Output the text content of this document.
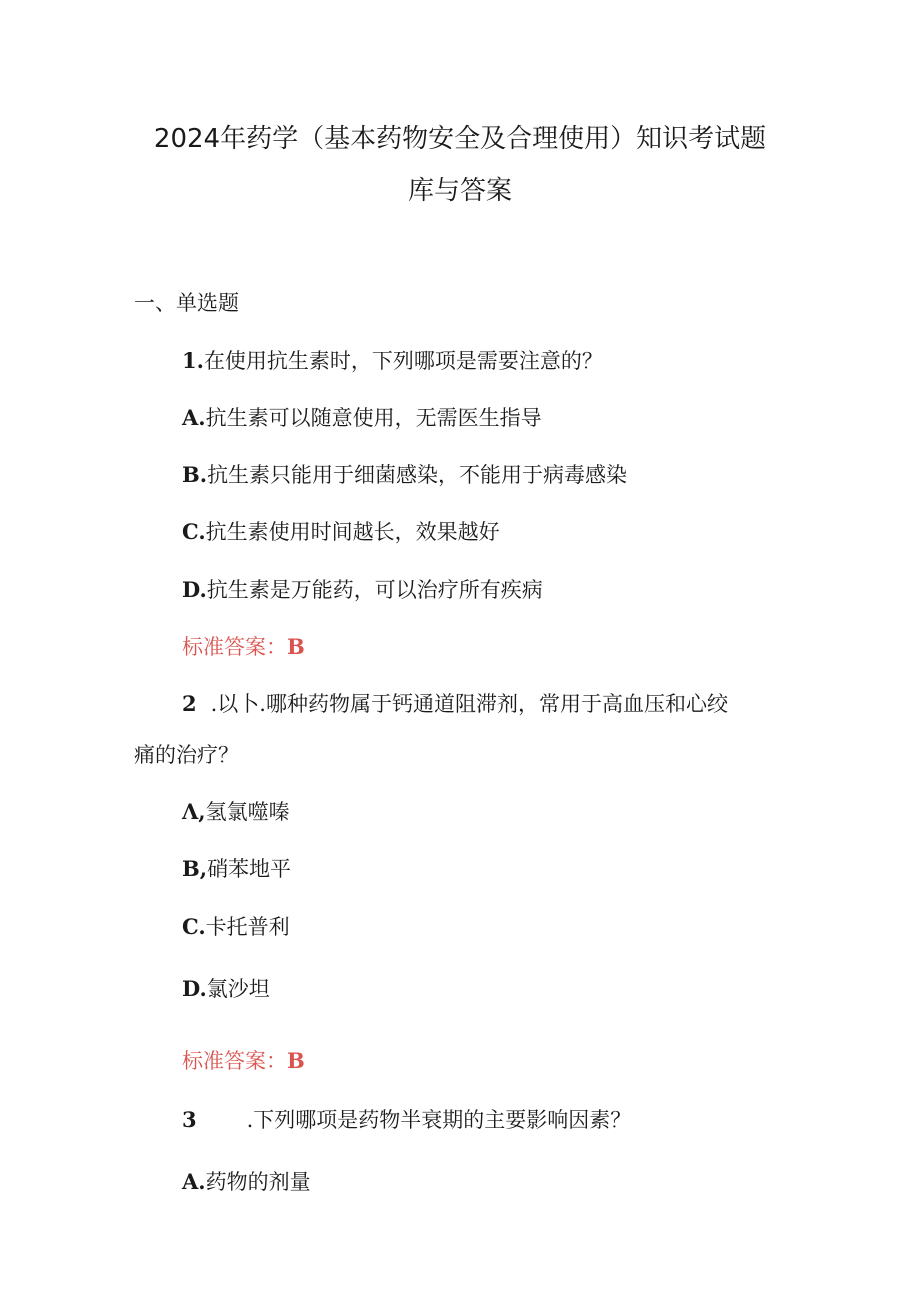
2024年药学（基本药物安全及合理使用）知识考试题
库与答案
一、单选题
1.在使用抗生素时，下列哪项是需要注意的？
A.抗生素可以随意使用，无需医生指导
B.抗生素只能用于细菌感染，不能用于病毒感染
C.抗生素使用时间越长，效果越好
D.抗生素是万能药，可以治疗所有疾病
标准答案：B
2 .以卜.哪种药物属于钙通道阻滞剂，常用于高血压和心绞
痛的治疗？
Λ,氢氯噬嗪
B,硝苯地平
C.卡托普利
D.氯沙坦
标准答案：B
3 .下列哪项是药物半衰期的主要影响因素？
A.药物的剂量
